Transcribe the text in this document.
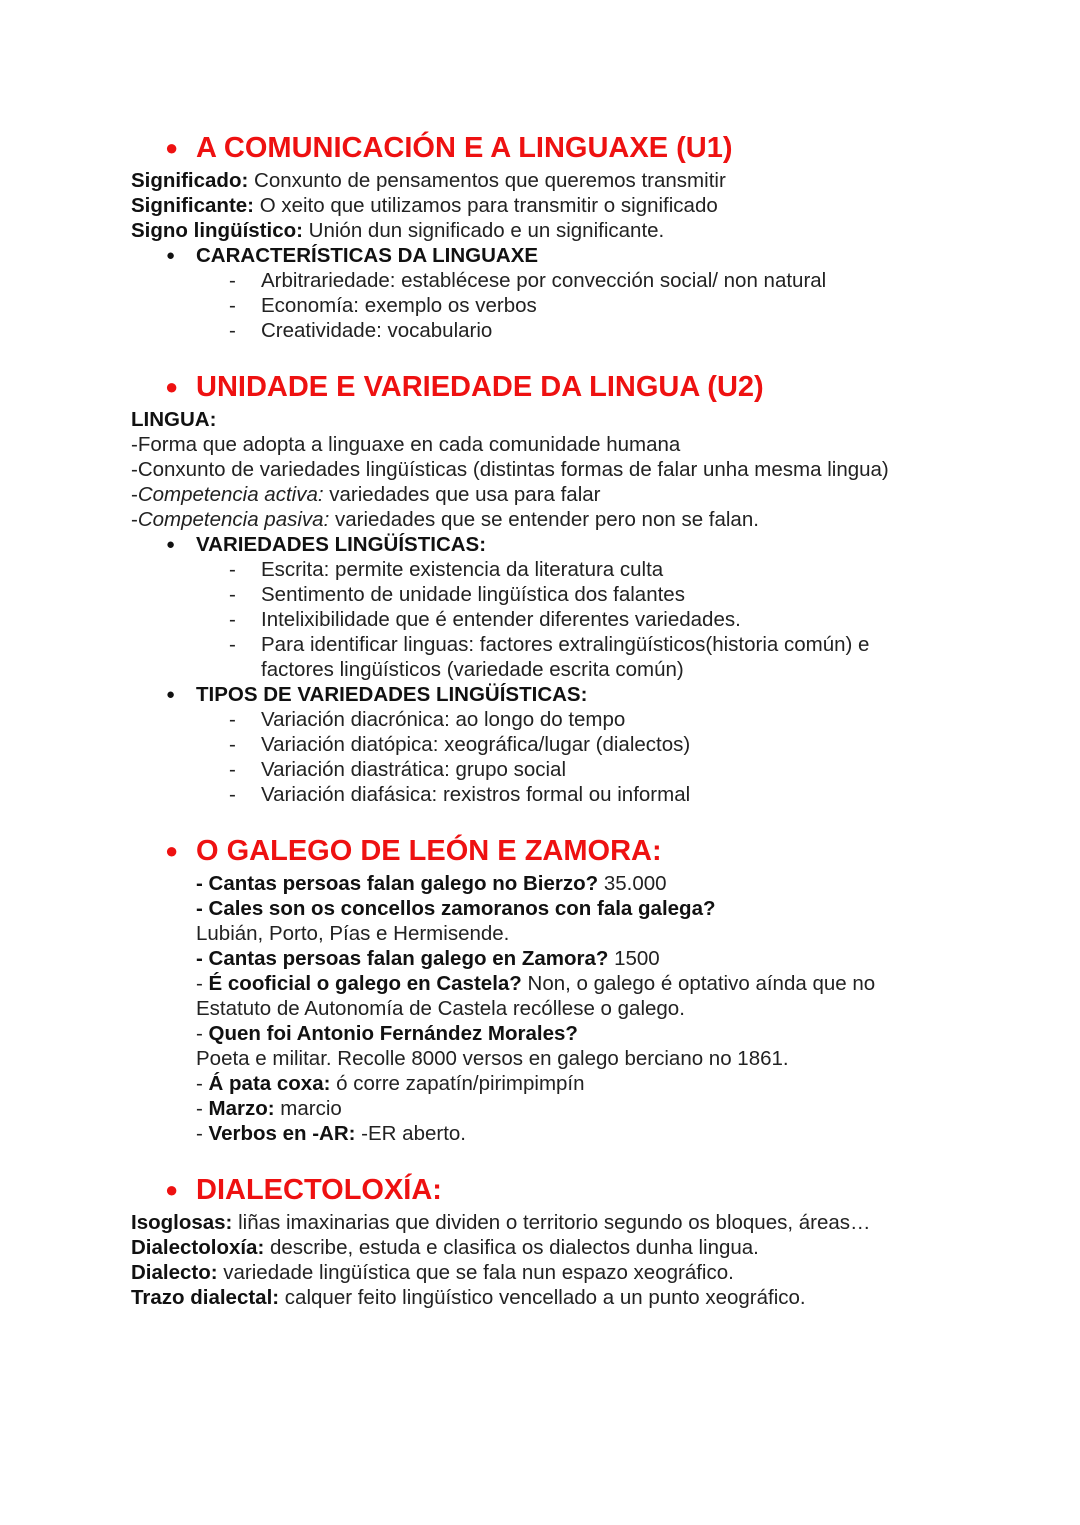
● A COMUNICACIÓN E A LINGUAXE (U1)
Significado: Conxunto de pensamentos que queremos transmitir
Significante: O xeito que utilizamos para transmitir o significado
Signo lingüístico: Unión dun significado e un significante.
● CARACTERÍSTICAS DA LINGUAXE
- Arbitrariedade: establécese por convección social/ non natural
- Economía: exemplo os verbos
- Creatividade: vocabulario
● UNIDADE E VARIEDADE DA LINGUA (U2)
LINGUA:
-Forma que adopta a linguaxe en cada comunidade humana
-Conxunto de variedades lingüísticas (distintas formas de falar unha mesma lingua)
-Competencia activa: variedades que usa para falar
-Competencia pasiva: variedades que se entender pero non se falan.
● VARIEDADES LINGÜÍSTICAS:
- Escrita: permite existencia da literatura culta
- Sentimento de unidade lingüística dos falantes
- Intelixibilidade que é entender diferentes variedades.
- Para identificar linguas: factores extralingüísticos(historia común) e factores lingüísticos (variedade escrita común)
● TIPOS DE VARIEDADES LINGÜÍSTICAS:
- Variación diacrónica: ao longo do tempo
- Variación diatópica: xeográfica/lugar (dialectos)
- Variación diastrática: grupo social
- Variación diafásica: rexistros formal ou informal
● O GALEGO DE LEÓN E ZAMORA:
- Cantas persoas falan galego no Bierzo? 35.000
- Cales son os concellos zamoranos con fala galega?
Lubián, Porto, Pías e Hermisende.
- Cantas persoas falan galego en Zamora? 1500
- É cooficial o galego en Castela? Non, o galego é optativo aínda que no
Estatuto de Autonomía de Castela recóllese o galego.
- Quen foi Antonio Fernández Morales?
Poeta e militar. Recolle 8000 versos en galego berciano no 1861.
- Á pata coxa: ó corre zapatín/pirimpimpín
- Marzo: marcio
- Verbos en -AR: -ER aberto.
● DIALECTOLOXÍA:
Isoglosas: liñas imaxinarias que dividen o territorio segundo os bloques, áreas…
Dialectoloxía: describe, estuda e clasifica os dialectos dunha lingua.
Dialecto: variedade lingüística que se fala nun espazo xeográfico.
Trazo dialectal: calquer feito lingüístico vencellado a un punto xeográfico.
